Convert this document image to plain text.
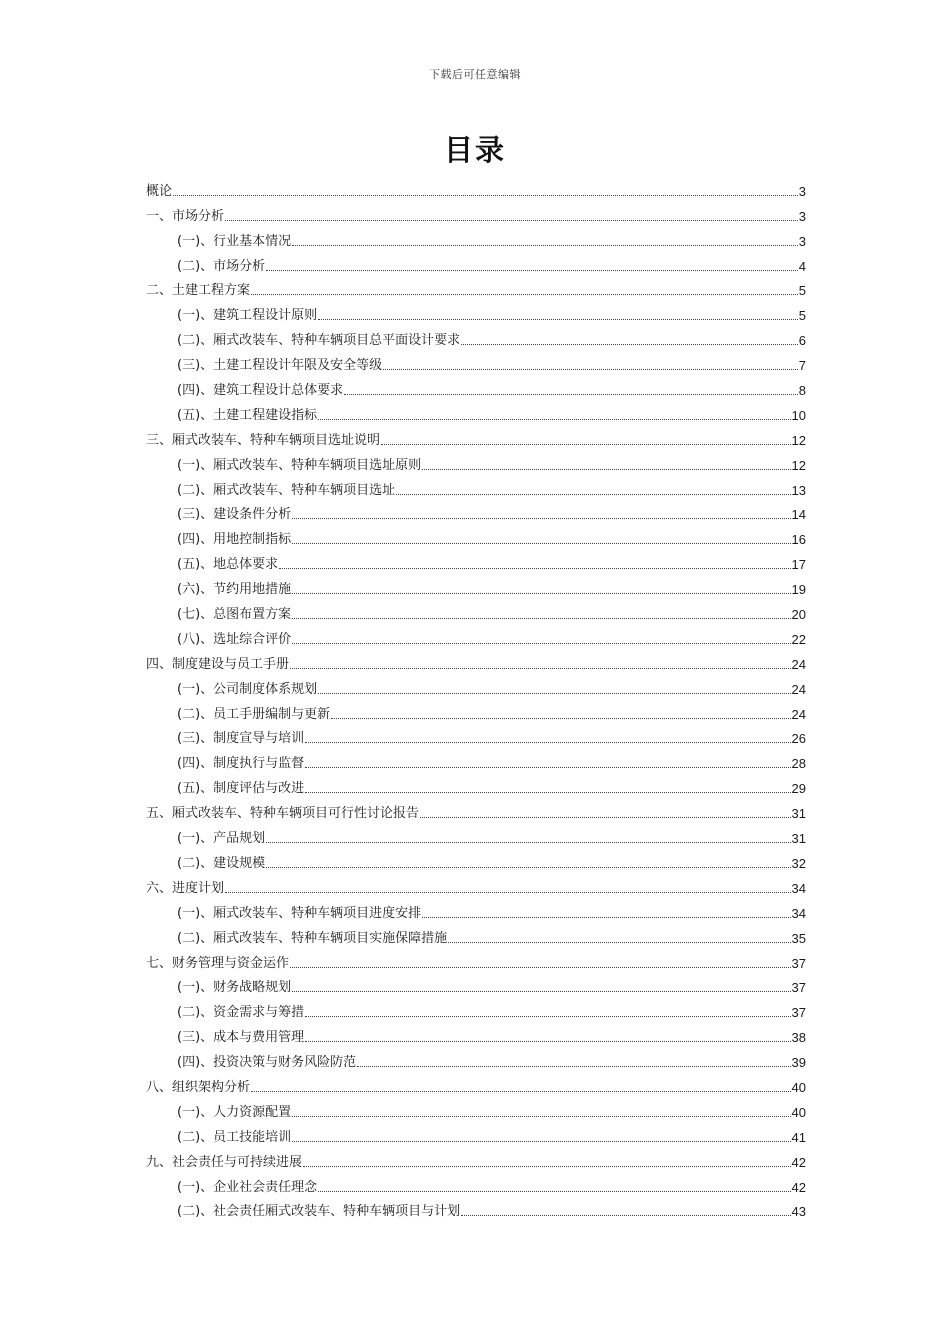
下载后可任意编辑
目录
概论	3
一、市场分析	3
(一)、行业基本情况	3
(二)、市场分析	4
二、土建工程方案	5
(一)、建筑工程设计原则	5
(二)、厢式改装车、特种车辆项目总平面设计要求	6
(三)、土建工程设计年限及安全等级	7
(四)、建筑工程设计总体要求	8
(五)、土建工程建设指标	10
三、厢式改装车、特种车辆项目选址说明	12
(一)、厢式改装车、特种车辆项目选址原则	12
(二)、厢式改装车、特种车辆项目选址	13
(三)、建设条件分析	14
(四)、用地控制指标	16
(五)、地总体要求	17
(六)、节约用地措施	19
(七)、总图布置方案	20
(八)、选址综合评价	22
四、制度建设与员工手册	24
(一)、公司制度体系规划	24
(二)、员工手册编制与更新	24
(三)、制度宣导与培训	26
(四)、制度执行与监督	28
(五)、制度评估与改进	29
五、厢式改装车、特种车辆项目可行性讨论报告	31
(一)、产品规划	31
(二)、建设规模	32
六、进度计划	34
(一)、厢式改装车、特种车辆项目进度安排	34
(二)、厢式改装车、特种车辆项目实施保障措施	35
七、财务管理与资金运作	37
(一)、财务战略规划	37
(二)、资金需求与筹措	37
(三)、成本与费用管理	38
(四)、投资决策与财务风险防范	39
八、组织架构分析	40
(一)、人力资源配置	40
(二)、员工技能培训	41
九、社会责任与可持续进展	42
(一)、企业社会责任理念	42
(二)、社会责任厢式改装车、特种车辆项目与计划	43
